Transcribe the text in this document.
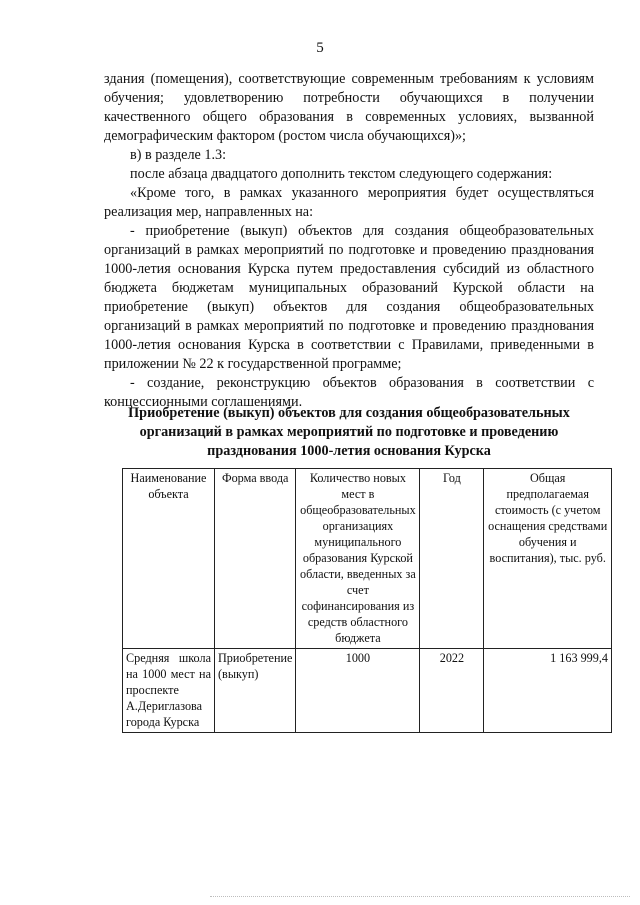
5

здания (помещения), соответствующие современным требованиям к условиям обучения; удовлетворению потребности обучающихся в получении качественного общего образования в современных условиях, вызванной демографическим фактором (ростом числа обучающихся)»;

в) в разделе 1.3:

после абзаца двадцатого дополнить текстом следующего содержания:

«Кроме того, в рамках указанного мероприятия будет осуществляться реализация мер, направленных на:

- приобретение (выкуп) объектов для создания общеобразовательных организаций в рамках мероприятий по подготовке и проведению празднования 1000-летия основания Курска путем предоставления субсидий из областного бюджета бюджетам муниципальных образований Курской области на приобретение (выкуп) объектов для создания общеобразовательных организаций в рамках мероприятий по подготовке и проведению празднования 1000-летия основания Курска в соответствии с Правилами, приведенными в приложении № 22 к государственной программе;

- создание, реконструкцию объектов образования в соответствии с концессионными соглашениями.

Приобретение (выкуп) объектов для создания общеобразовательных организаций в рамках мероприятий по подготовке и проведению празднования 1000-летия основания Курска
Наименование объекта	Форма ввода	Количество новых мест в общеобразовательных организациях муниципального образования Курской области, введенных за счет софинансирования из средств областного бюджета	Год	Общая предполагаемая стоимость (с учетом оснащения средствами обучения и воспитания), тыс. руб.
Средняя школа на 1000 мест на проспекте А.Дериглазова города Курска	Приобретение (выкуп)	1000	2022	1 163 999,4
